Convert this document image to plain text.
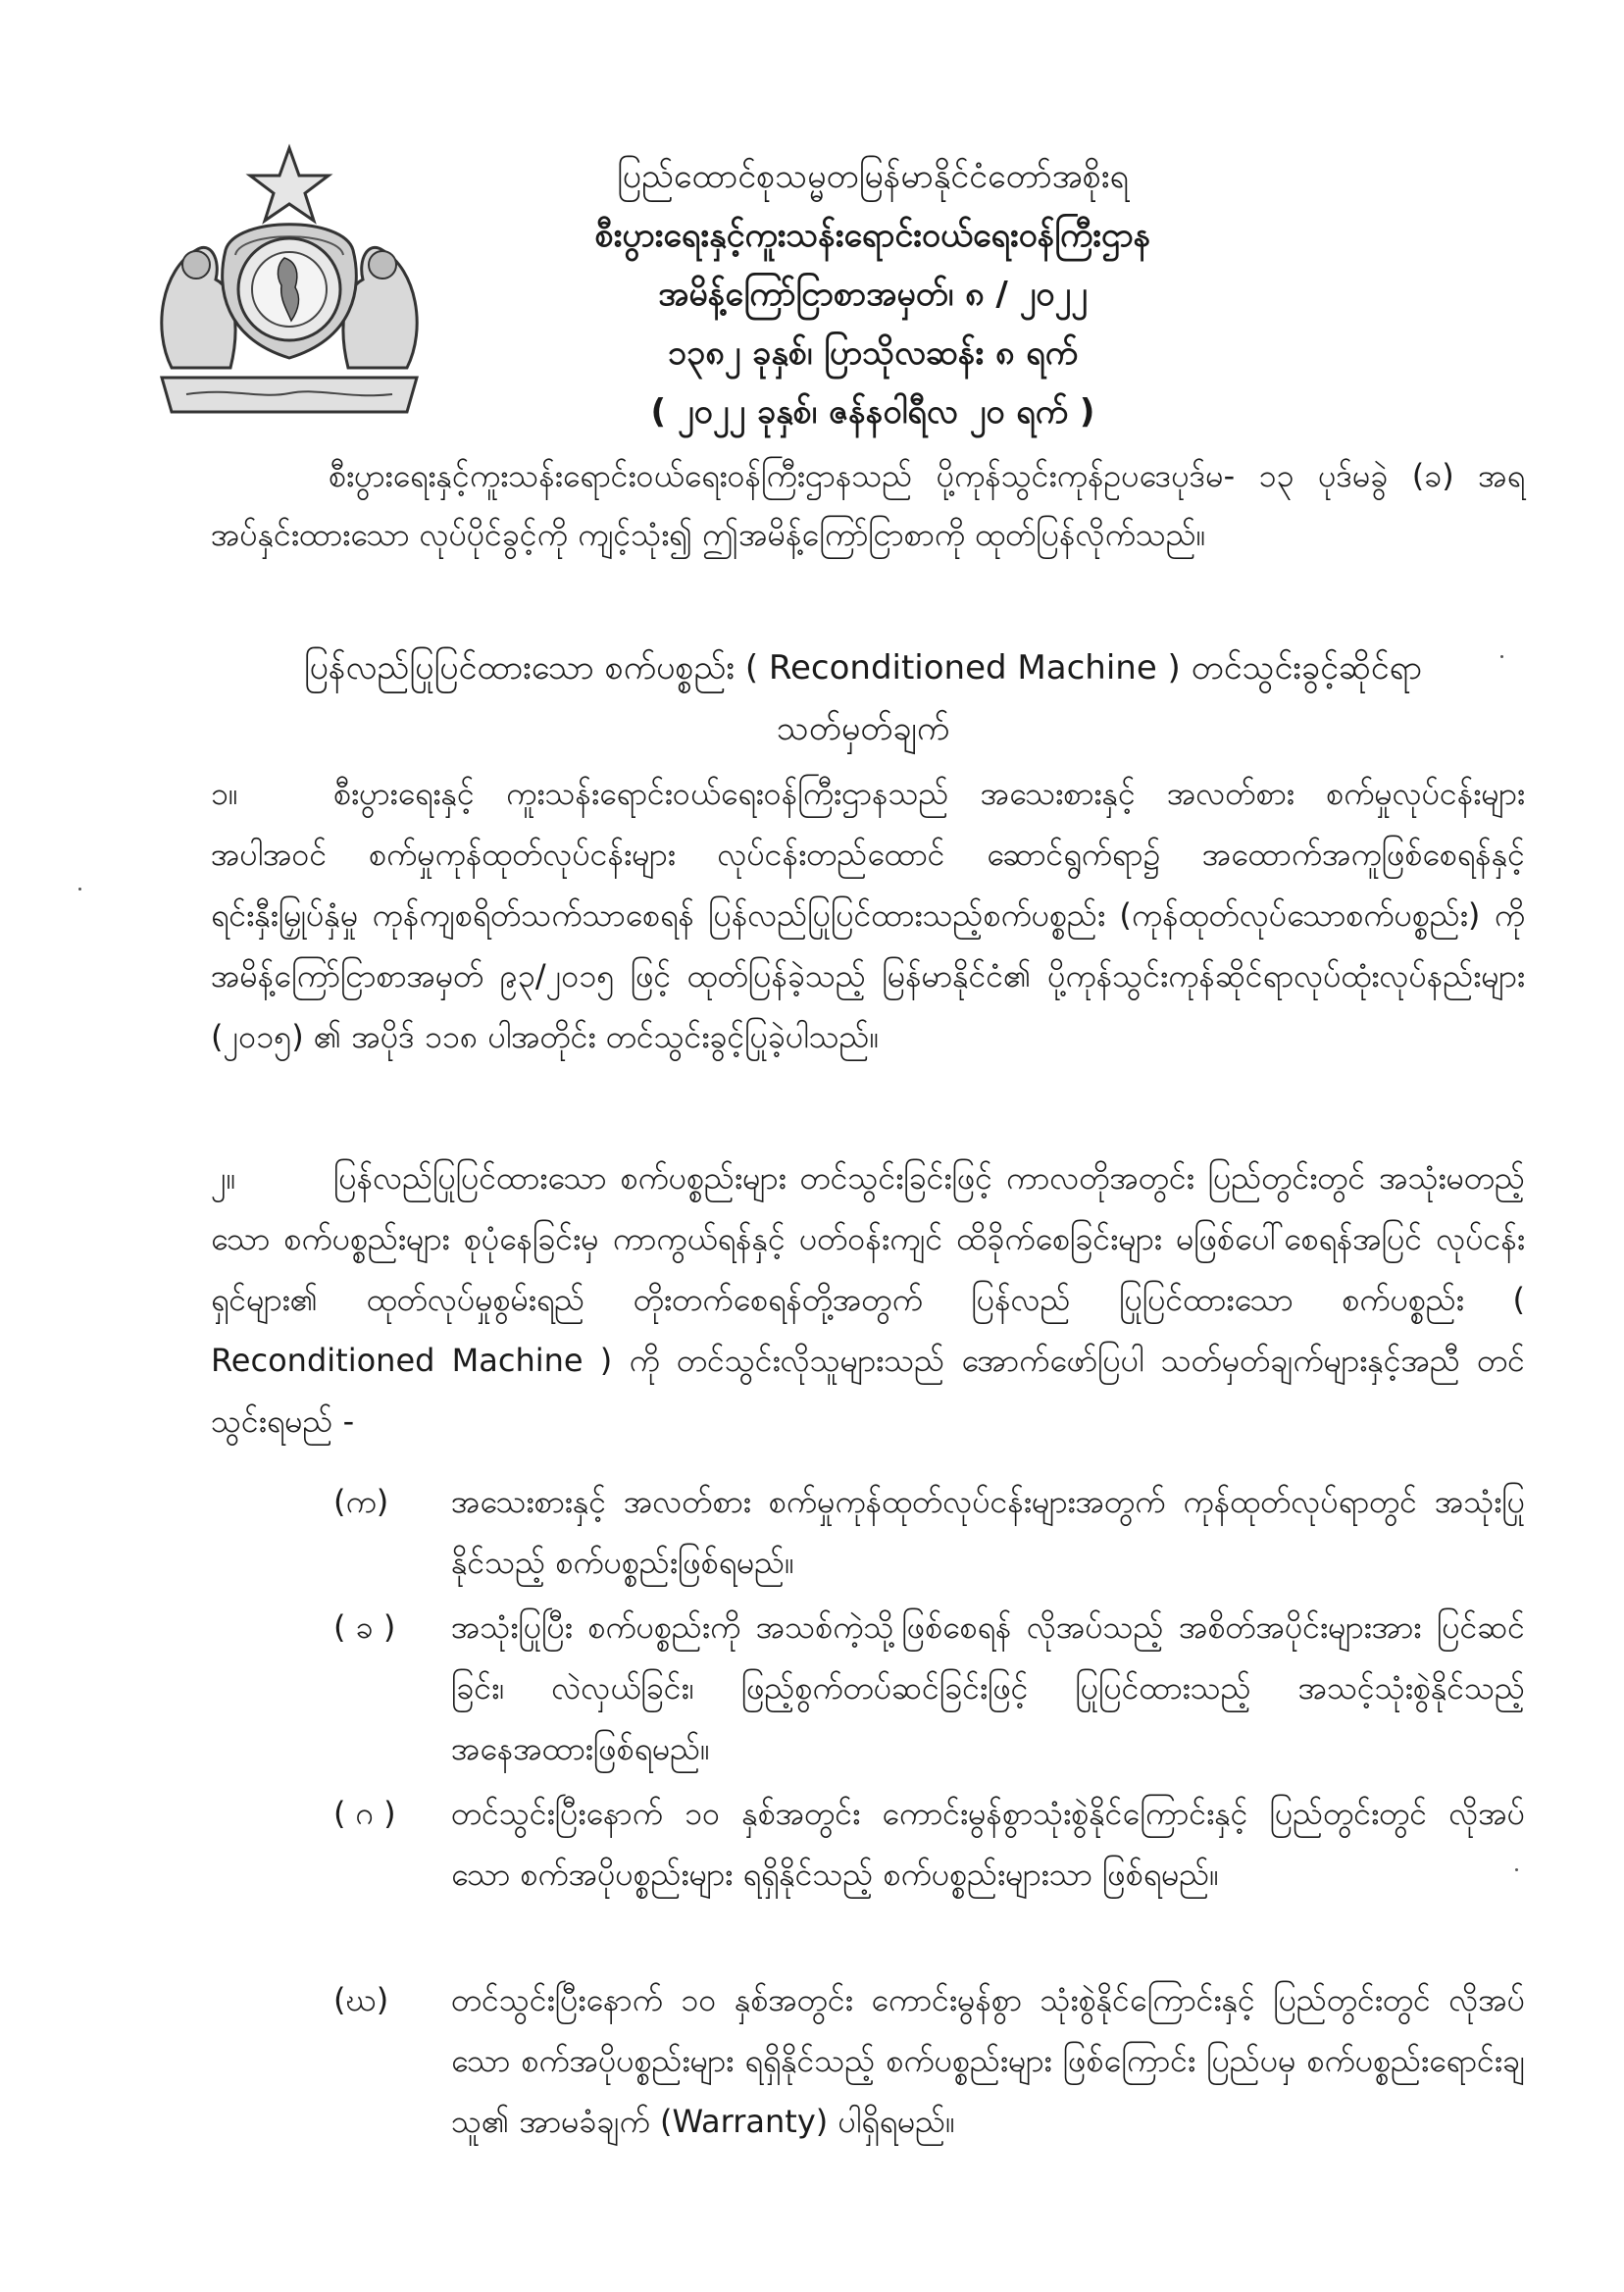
ပြည်ထောင်စုသမ္မတမြန်မာနိုင်ငံတော်အစိုးရ
စီးပွားရေးနှင့်ကူးသန်းရောင်းဝယ်ရေးဝန်ကြီးဌာန
အမိန့်ကြော်ငြာစာအမှတ်၊ ၈ / ၂၀၂၂
၁၃၈၂ ခုနှစ်၊ ပြာသိုလဆန်း ၈ ရက်
( ၂၀၂၂ ခုနှစ်၊ ဇန်နဝါရီလ ၂၀ ရက် )
စီးပွားရေးနှင့်ကူးသန်းရောင်းဝယ်ရေးဝန်ကြီးဌာနသည် ပို့ကုန်သွင်းကုန်ဥပဒေပုဒ်မ- ၁၃ ပုဒ်မခွဲ (ခ) အရ အပ်နှင်းထားသော လုပ်ပိုင်ခွင့်ကို ကျင့်သုံး၍ ဤအမိန့်ကြော်ငြာစာကို ထုတ်ပြန်လိုက်သည်။
ပြန်လည်ပြုပြင်ထားသော စက်ပစ္စည်း ( Reconditioned Machine ) တင်သွင်းခွင့်ဆိုင်ရာ
သတ်မှတ်ချက်
၁။	စီးပွားရေးနှင့် ကူးသန်းရောင်းဝယ်ရေးဝန်ကြီးဌာနသည် အသေးစားနှင့် အလတ်စား စက်မှုလုပ်ငန်းများအပါအဝင် စက်မှုကုန်ထုတ်လုပ်ငန်းများ လုပ်ငန်းတည်ထောင် ဆောင်ရွက်ရာ၌ အထောက်အကူဖြစ်စေရန်နှင့် ရင်းနှီးမြှုပ်နှံမှု ကုန်ကျစရိတ်သက်သာစေရန် ပြန်လည်ပြုပြင်ထားသည့်စက်ပစ္စည်း (ကုန်ထုတ်လုပ်သောစက်ပစ္စည်း) ကို အမိန့်ကြော်ငြာစာအမှတ် ၉၃/၂၀၁၅ ဖြင့် ထုတ်ပြန်ခဲ့သည့် မြန်မာနိုင်ငံ၏ ပို့ကုန်သွင်းကုန်ဆိုင်ရာလုပ်ထုံးလုပ်နည်းများ (၂၀၁၅) ၏ အပိုဒ် ၁၁၈ ပါအတိုင်း တင်သွင်းခွင့်ပြုခဲ့ပါသည်။
၂။	ပြန်လည်ပြုပြင်ထားသော စက်ပစ္စည်းများ တင်သွင်းခြင်းဖြင့် ကာလတိုအတွင်း ပြည်တွင်းတွင် အသုံးမတည့်သော စက်ပစ္စည်းများ စုပုံနေခြင်းမှ ကာကွယ်ရန်နှင့် ပတ်ဝန်းကျင် ထိခိုက်စေခြင်းများ မဖြစ်ပေါ်စေရန်အပြင် လုပ်ငန်းရှင်များ၏ ထုတ်လုပ်မှုစွမ်းရည် တိုးတက်စေရန်တို့အတွက် ပြန်လည် ပြုပြင်ထားသော စက်ပစ္စည်း ( Reconditioned Machine ) ကို တင်သွင်းလိုသူများသည် အောက်ဖော်ပြပါ သတ်မှတ်ချက်များနှင့်အညီ တင်သွင်းရမည် -
(က)	အသေးစားနှင့် အလတ်စား စက်မှုကုန်ထုတ်လုပ်ငန်းများအတွက် ကုန်ထုတ်လုပ်ရာတွင် အသုံးပြုနိုင်သည့် စက်ပစ္စည်းဖြစ်ရမည်။
( ခ )	အသုံးပြုပြီး စက်ပစ္စည်းကို အသစ်ကဲ့သို့ဖြစ်စေရန် လိုအပ်သည့် အစိတ်အပိုင်းများအား ပြင်ဆင်ခြင်း၊ လဲလှယ်ခြင်း၊ ဖြည့်စွက်တပ်ဆင်ခြင်းဖြင့် ပြုပြင်ထားသည့် အသင့်သုံးစွဲနိုင်သည့် အနေအထားဖြစ်ရမည်။
( ဂ )	တင်သွင်းပြီးနောက် ၁၀ နှစ်အတွင်း ကောင်းမွန်စွာသုံးစွဲနိုင်ကြောင်းနှင့် ပြည်တွင်းတွင် လိုအပ်သော စက်အပိုပစ္စည်းများ ရရှိနိုင်သည့် စက်ပစ္စည်းများသာ ဖြစ်ရမည်။
(ဃ)	တင်သွင်းပြီးနောက် ၁၀ နှစ်အတွင်း ကောင်းမွန်စွာ သုံးစွဲနိုင်ကြောင်းနှင့် ပြည်တွင်းတွင် လိုအပ်သော စက်အပိုပစ္စည်းများ ရရှိနိုင်သည့် စက်ပစ္စည်းများ ဖြစ်ကြောင်း ပြည်ပမှ စက်ပစ္စည်းရောင်းချသူ၏ အာမခံချက် (Warranty) ပါရှိရမည်။
